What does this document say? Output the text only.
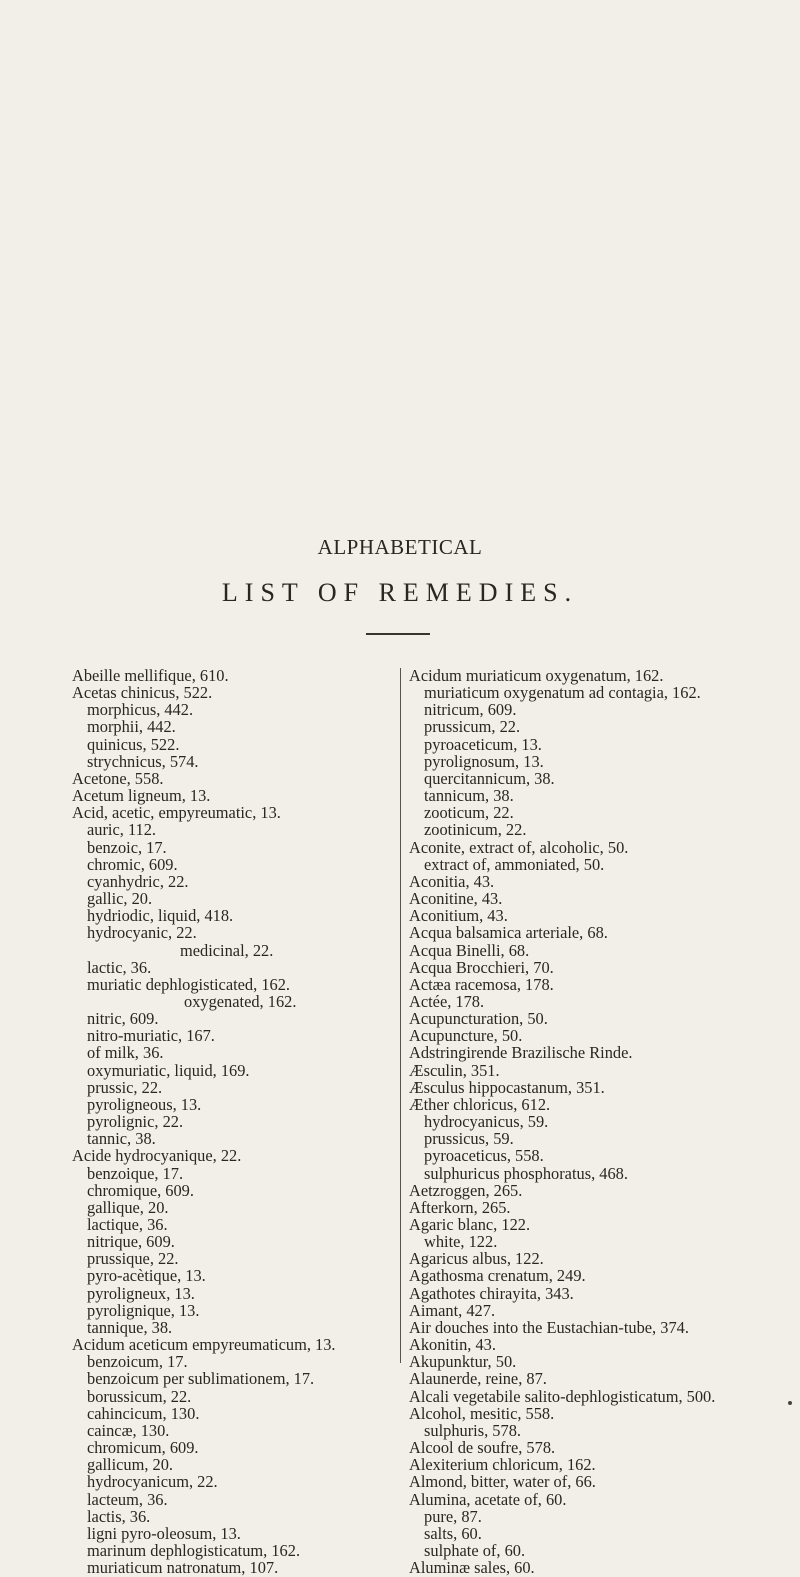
ALPHABETICAL
LIST OF REMEDIES.
Abeille mellifique, 610.
Acetas chinicus, 522.
morphicus, 442.
morphii, 442.
quinicus, 522.
strychnicus, 574.
Acetone, 558.
Acetum ligneum, 13.
Acid, acetic, empyreumatic, 13.
auric, 112.
benzoic, 17.
chromic, 609.
cyanhydric, 22.
gallic, 20.
hydriodic, liquid, 418.
hydrocyanic, 22.
medicinal, 22.
lactic, 36.
muriatic dephlogisticated, 162.
oxygenated, 162.
nitric, 609.
nitro-muriatic, 167.
of milk, 36.
oxymuriatic, liquid, 169.
prussic, 22.
pyroligneous, 13.
pyrolignic, 22.
tannic, 38.
Acide hydrocyanique, 22.
benzoique, 17.
chromique, 609.
gallique, 20.
lactique, 36.
nitrique, 609.
prussique, 22.
pyro-acètique, 13.
pyroligneux, 13.
pyrolignique, 13.
tannique, 38.
Acidum aceticum empyreumaticum, 13.
benzoicum, 17.
benzoicum per sublimationem, 17.
borussicum, 22.
cahincicum, 130.
caincæ, 130.
chromicum, 609.
gallicum, 20.
hydrocyanicum, 22.
lacteum, 36.
lactis, 36.
ligni pyro-oleosum, 13.
marinum dephlogisticatum, 162.
muriaticum natronatum, 107.
Acidum muriaticum oxygenatum, 162.
muriaticum oxygenatum ad contagia, 162.
nitricum, 609.
prussicum, 22.
pyroaceticum, 13.
pyrolignosum, 13.
quercitannicum, 38.
tannicum, 38.
zooticum, 22.
zootinicum, 22.
Aconite, extract of, alcoholic, 50.
extract of, ammoniated, 50.
Aconitia, 43.
Aconitine, 43.
Aconitium, 43.
Acqua balsamica arteriale, 68.
Acqua Binelli, 68.
Acqua Brocchieri, 70.
Actæa racemosa, 178.
Actée, 178.
Acupuncturation, 50.
Acupuncture, 50.
Adstringirende Brazilische Rinde.
Æsculin, 351.
Æsculus hippocastanum, 351.
Æther chloricus, 612.
hydrocyanicus, 59.
prussicus, 59.
pyroaceticus, 558.
sulphuricus phosphoratus, 468.
Aetzroggen, 265.
Afterkorn, 265.
Agaric blanc, 122.
white, 122.
Agaricus albus, 122.
Agathosma crenatum, 249.
Agathotes chirayita, 343.
Aimant, 427.
Air douches into the Eustachian-tube, 374.
Akonitin, 43.
Akupunktur, 50.
Alaunerde, reine, 87.
Alcali vegetabile salito-dephlogisticatum, 500.
Alcohol, mesitic, 558.
sulphuris, 578.
Alcool de soufre, 578.
Alexiterium chloricum, 162.
Almond, bitter, water of, 66.
Alumina, acetate of, 60.
pure, 87.
salts, 60.
sulphate of, 60.
Aluminæ sales, 60.
